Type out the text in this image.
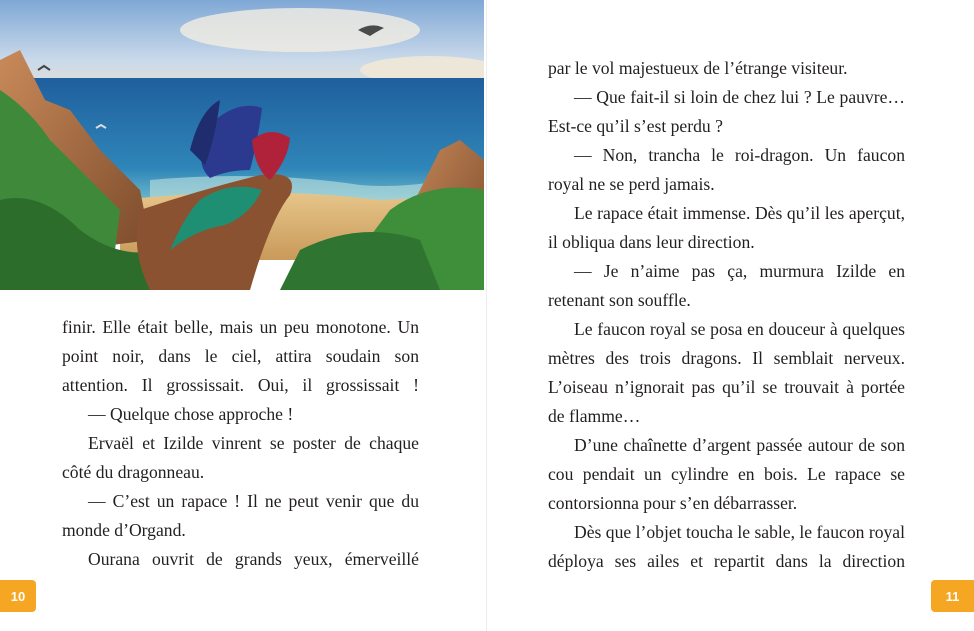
finir. Elle était belle, mais un peu monotone. Un point noir, dans le ciel, attira soudain son attention. Il grossissait. Oui, il grossissait !

— Quelque chose approche !

Ervaël et Izilde vinrent se poster de chaque côté du dragonneau.

— C’est un rapace ! Il ne peut venir que du monde d’Organd.

Ourana ouvrit de grands yeux, émerveillé

10

par le vol majestueux de l’étrange visiteur.

— Que fait-il si loin de chez lui ? Le pauvre… Est-ce qu’il s’est perdu ?

— Non, trancha le roi-dragon. Un faucon royal ne se perd jamais.

Le rapace était immense. Dès qu’il les aperçut, il obliqua dans leur direction.

— Je n’aime pas ça, murmura Izilde en retenant son souffle.

Le faucon royal se posa en douceur à quelques mètres des trois dragons. Il semblait nerveux. L’oiseau n’ignorait pas qu’il se trouvait à portée de flamme…

D’une chaînette d’argent passée autour de son cou pendait un cylindre en bois. Le rapace se contorsionna pour s’en débarrasser.

Dès que l’objet toucha le sable, le faucon royal déploya ses ailes et repartit dans la direction

11
